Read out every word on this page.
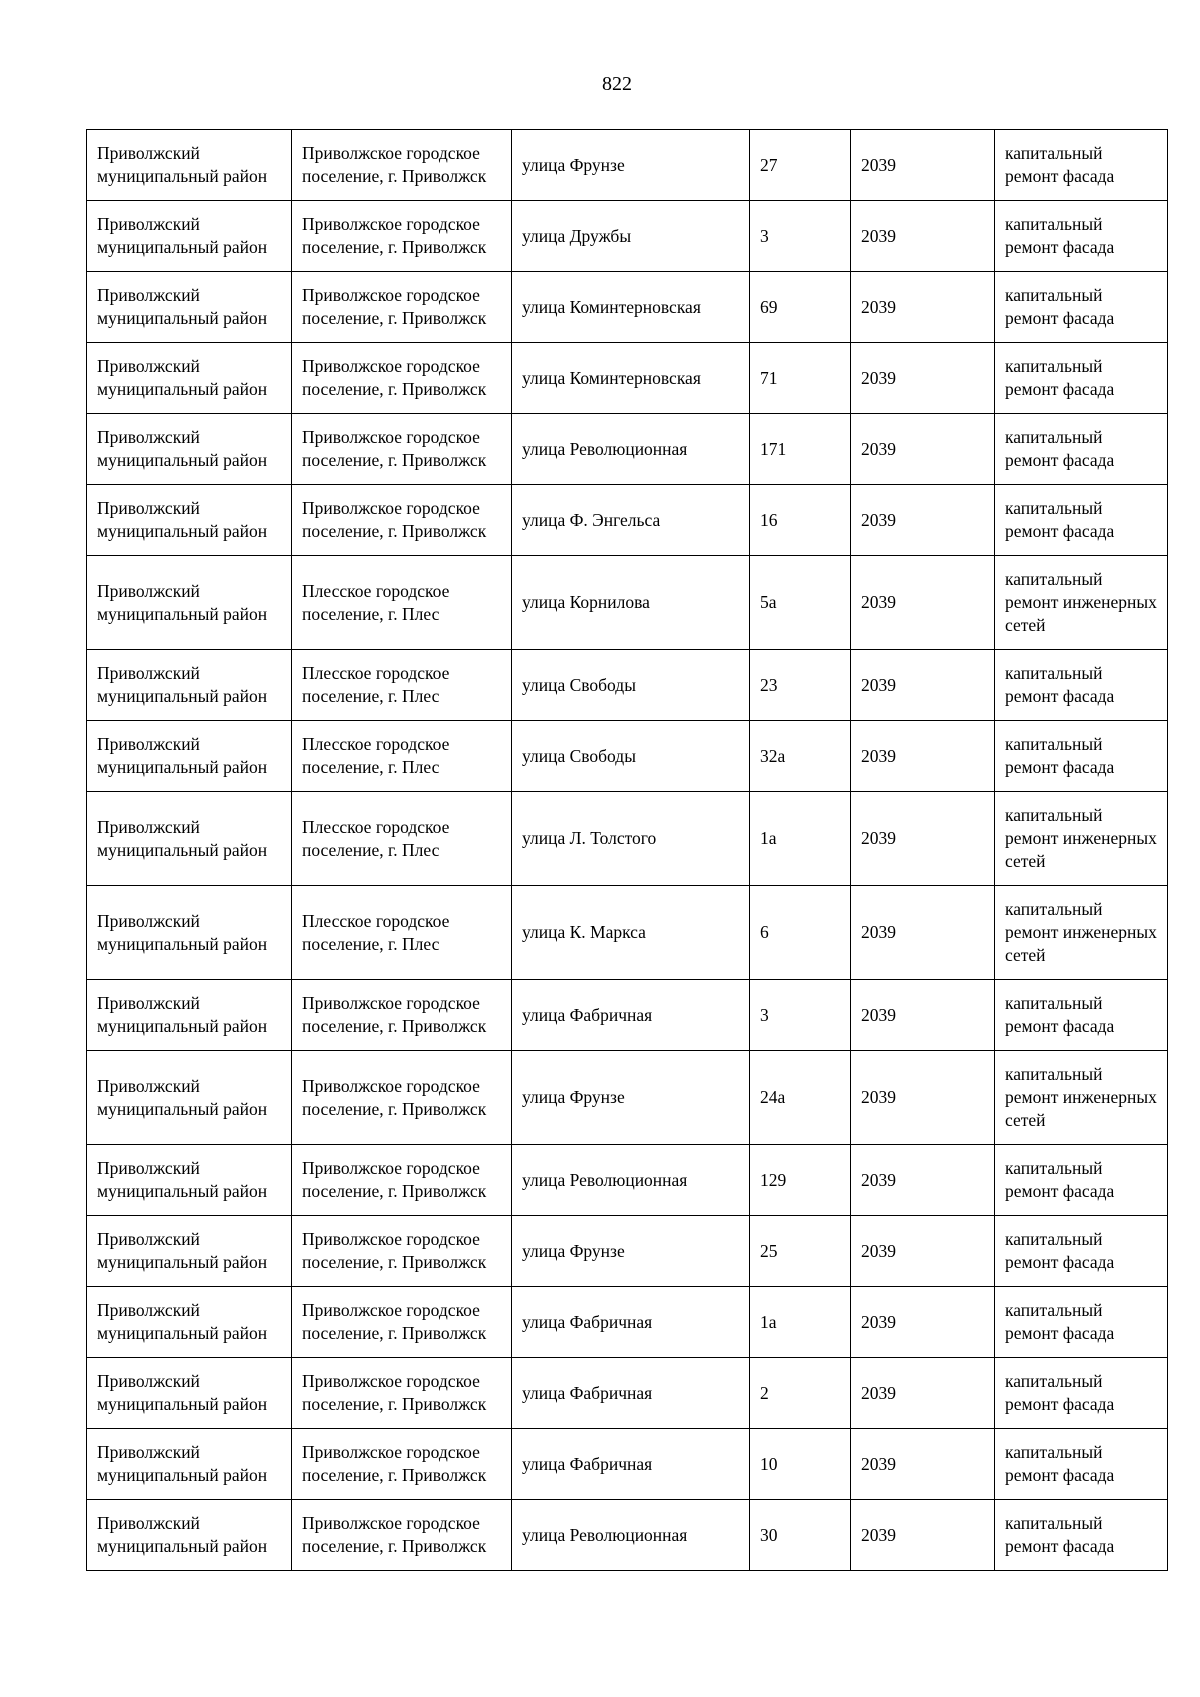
822
Приволжский муниципальный район	Приволжское городское поселение, г. Приволжск	улица Фрунзе	27	2039	капитальный ремонт фасада
Приволжский муниципальный район	Приволжское городское поселение, г. Приволжск	улица Дружбы	3	2039	капитальный ремонт фасада
Приволжский муниципальный район	Приволжское городское поселение, г. Приволжск	улица Коминтерновская	69	2039	капитальный ремонт фасада
Приволжский муниципальный район	Приволжское городское поселение, г. Приволжск	улица Коминтерновская	71	2039	капитальный ремонт фасада
Приволжский муниципальный район	Приволжское городское поселение, г. Приволжск	улица Революционная	171	2039	капитальный ремонт фасада
Приволжский муниципальный район	Приволжское городское поселение, г. Приволжск	улица Ф. Энгельса	16	2039	капитальный ремонт фасада
Приволжский муниципальный район	Плесское городское поселение, г. Плес	улица Корнилова	5а	2039	капитальный ремонт инженерных сетей
Приволжский муниципальный район	Плесское городское поселение, г. Плес	улица Свободы	23	2039	капитальный ремонт фасада
Приволжский муниципальный район	Плесское городское поселение, г. Плес	улица Свободы	32а	2039	капитальный ремонт фасада
Приволжский муниципальный район	Плесское городское поселение, г. Плес	улица Л. Толстого	1а	2039	капитальный ремонт инженерных сетей
Приволжский муниципальный район	Плесское городское поселение, г. Плес	улица К. Маркса	6	2039	капитальный ремонт инженерных сетей
Приволжский муниципальный район	Приволжское городское поселение, г. Приволжск	улица Фабричная	3	2039	капитальный ремонт фасада
Приволжский муниципальный район	Приволжское городское поселение, г. Приволжск	улица Фрунзе	24а	2039	капитальный ремонт инженерных сетей
Приволжский муниципальный район	Приволжское городское поселение, г. Приволжск	улица Революционная	129	2039	капитальный ремонт фасада
Приволжский муниципальный район	Приволжское городское поселение, г. Приволжск	улица Фрунзе	25	2039	капитальный ремонт фасада
Приволжский муниципальный район	Приволжское городское поселение, г. Приволжск	улица Фабричная	1а	2039	капитальный ремонт фасада
Приволжский муниципальный район	Приволжское городское поселение, г. Приволжск	улица Фабричная	2	2039	капитальный ремонт фасада
Приволжский муниципальный район	Приволжское городское поселение, г. Приволжск	улица Фабричная	10	2039	капитальный ремонт фасада
Приволжский муниципальный район	Приволжское городское поселение, г. Приволжск	улица Революционная	30	2039	капитальный ремонт фасада
